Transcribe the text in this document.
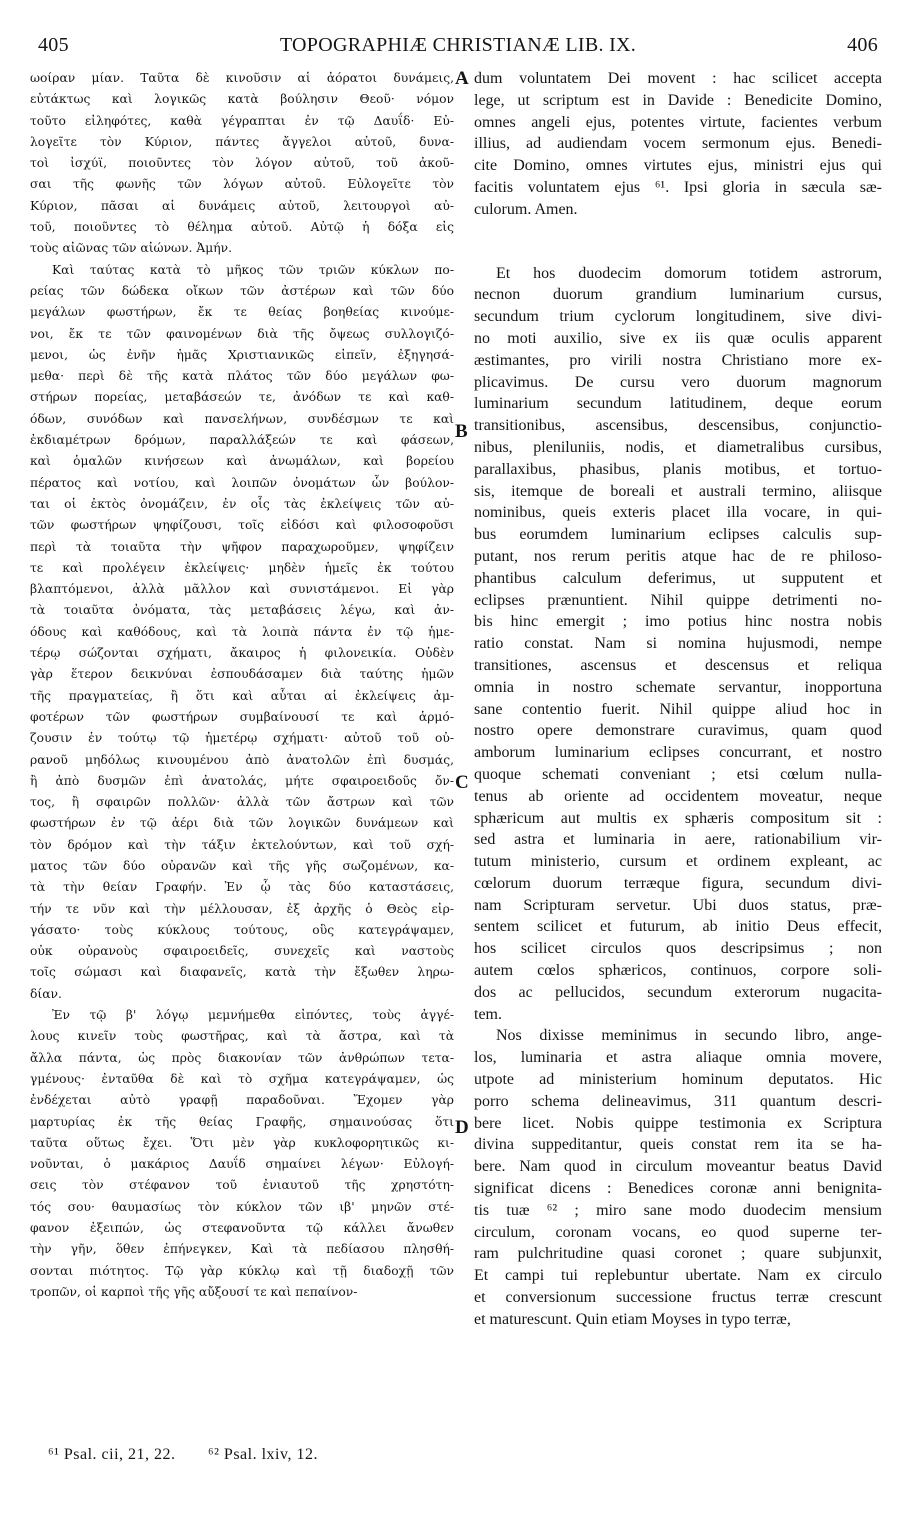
405	TOPOGRAPHIÆ CHRISTIANÆ LIB. IX.	406
ωοίραν μίαν. Ταῦτα δὲ κινοῦσιν αἱ ἀόρατοι δυνάμεις,
εὐτάκτως καὶ λογικῶς κατὰ βούλησιν Θεοῦ· νόμον
τοῦτο εἰληφότες, καθὰ γέγραπται ἐν τῷ Δαυΐδ· Εὐ-
λογεῖτε τὸν Κύριον, πάντες ἄγγελοι αὐτοῦ, δυνα-
τοὶ ἰσχύϊ, ποιοῦντες τὸν λόγον αὐτοῦ, τοῦ ἀκοῦ-
σαι τῆς φωνῆς τῶν λόγων αὐτοῦ. Εὐλογεῖτε τὸν
Κύριον, πᾶσαι αἱ δυνάμεις αὐτοῦ, λειτουργοὶ αὐ-
τοῦ, ποιοῦντες τὸ θέλημα αὐτοῦ. Αὐτῷ ἡ δόξα εἰς
τοὺς αἰῶνας τῶν αἰώνων. Ἀμήν.
Καὶ ταύτας κατὰ τὸ μῆκος τῶν τριῶν κύκλων πο-
ρείας τῶν δώδεκα οἴκων τῶν ἀστέρων καὶ τῶν δύο
μεγάλων φωστήρων, ἔκ τε θείας βοηθείας κινούμε-
νοι, ἔκ τε τῶν φαινομένων διὰ τῆς ὄψεως συλλογιζό-
μενοι, ὡς ἐνῆν ἡμᾶς Χριστιανικῶς εἰπεῖν, ἐξηγησά-
μεθα· περὶ δὲ τῆς κατὰ πλάτος τῶν δύο μεγάλων φω-
στήρων πορείας, μεταβάσεών τε, ἀνόδων τε καὶ καθ-
όδων, συνόδων καὶ πανσελήνων, συνδέσμων τε καὶ
ἐκδιαμέτρων δρόμων, παραλλάξεών τε καὶ φάσεων,
καὶ ὁμαλῶν κινήσεων καὶ ἀνωμάλων, καὶ βορείου
πέρατος καὶ νοτίου, καὶ λοιπῶν ὀνομάτων ὧν βούλον-
ται οἱ ἐκτὸς ὀνομάζειν, ἐν οἷς τὰς ἐκλείψεις τῶν αὐ-
τῶν φωστήρων ψηφίζουσι, τοῖς εἰδόσι καὶ φιλοσοφοῦσι
περὶ τὰ τοιαῦτα τὴν ψῆφον παραχωροῦμεν, ψηφίζειν
τε καὶ προλέγειν ἐκλείψεις· μηδὲν ἡμεῖς ἐκ τούτου
βλαπτόμενοι, ἀλλὰ μᾶλλον καὶ συνιστάμενοι. Εἰ γὰρ
τὰ τοιαῦτα ὀνόματα, τὰς μεταβάσεις λέγω, καὶ ἀν-
όδους καὶ καθόδους, καὶ τὰ λοιπὰ πάντα ἐν τῷ ἡμε-
τέρῳ σώζονται σχήματι, ἄκαιρος ἡ φιλονεικία. Οὐδὲν
γὰρ ἕτερον δεικνύναι ἐσπουδάσαμεν διὰ ταύτης ἡμῶν
τῆς πραγματείας, ἢ ὅτι καὶ αὗται αἱ ἐκλείψεις ἀμ-
φοτέρων τῶν φωστήρων συμβαίνουσί τε καὶ ἁρμό-
ζουσιν ἐν τούτῳ τῷ ἡμετέρῳ σχήματι· αὐτοῦ τοῦ οὐ-
ρανοῦ μηδόλως κινουμένου ἀπὸ ἀνατολῶν ἐπὶ δυσμάς,
ἢ ἀπὸ δυσμῶν ἐπὶ ἀνατολάς, μήτε σφαιροειδοῦς ὄν-
τος, ἢ σφαιρῶν πολλῶν· ἀλλὰ τῶν ἄστρων καὶ τῶν
φωστήρων ἐν τῷ ἀέρι διὰ τῶν λογικῶν δυνάμεων καὶ
τὸν δρόμον καὶ τὴν τάξιν ἐκτελούντων, καὶ τοῦ σχή-
ματος τῶν δύο οὐρανῶν καὶ τῆς γῆς σωζομένων, κα-
τὰ τὴν θείαν Γραφήν. Ἐν ᾧ τὰς δύο καταστάσεις,
τήν τε νῦν καὶ τὴν μέλλουσαν, ἐξ ἀρχῆς ὁ Θεὸς εἰρ-
γάσατο· τοὺς κύκλους τούτους, οὓς κατεγράψαμεν,
οὐκ οὐρανοὺς σφαιροειδεῖς, συνεχεῖς καὶ ναστοὺς
τοῖς σώμασι καὶ διαφανεῖς, κατὰ τὴν ἔξωθεν ληρω-
δίαν.
Ἐν τῷ β' λόγῳ μεμνήμεθα εἰπόντες, τοὺς ἀγγέ-
λους κινεῖν τοὺς φωστῆρας, καὶ τὰ ἄστρα, καὶ τὰ
ἄλλα πάντα, ὡς πρὸς διακονίαν τῶν ἀνθρώπων τετα-
γμένους· ἐνταῦθα δὲ καὶ τὸ σχῆμα κατεγράψαμεν, ὡς
ἐνδέχεται αὐτὸ γραφῇ παραδοῦναι. Ἔχομεν γὰρ
μαρτυρίας ἐκ τῆς θείας Γραφῆς, σημαινούσας ὅτι
ταῦτα οὕτως ἔχει. Ὅτι μὲν γὰρ κυκλοφορητικῶς κι-
νοῦνται, ὁ μακάριος Δαυΐδ σημαίνει λέγων· Εὐλογή-
σεις τὸν στέφανον τοῦ ἐνιαυτοῦ τῆς χρηστότη-
τός σου· θαυμασίως τὸν κύκλον τῶν ιβ' μηνῶν στέ-
φανον ἐξειπών, ὡς στεφανοῦντα τῷ κάλλει ἄνωθεν
τὴν γῆν, ὅθεν ἐπήνεγκεν, Καὶ τὰ πεδίασου πλησθή-
σονται πιότητος. Τῷ γὰρ κύκλῳ καὶ τῇ διαδοχῇ τῶν
τροπῶν, οἱ καρποὶ τῆς γῆς αὔξουσί τε καὶ πεπαίνον-
dum voluntatem Dei movent : hac scilicet accepta
lege, ut scriptum est in Davide : Benedicite Domino,
omnes angeli ejus, potentes virtute, facientes verbum
illius, ad audiendam vocem sermonum ejus. Benedi-
cite Domino, omnes virtutes ejus, ministri ejus qui
facitis voluntatem ejus ⁶¹. Ipsi gloria in sæcula sæ-
culorum. Amen.
Et hos duodecim domorum totidem astrorum,
necnon duorum grandium luminarium cursus,
secundum trium cyclorum longitudinem, sive divi-
no moti auxilio, sive ex iis quæ oculis apparent
æstimantes, pro virili nostra Christiano more ex-
plicavimus. De cursu vero duorum magnorum
luminarium secundum latitudinem, deque eorum
transitionibus, ascensibus, descensibus, conjunctio-
nibus, pleniluniis, nodis, et diametralibus cursibus,
parallaxibus, phasibus, planis motibus, et tortuo-
sis, itemque de boreali et australi termino, aliisque
nominibus, queis exteris placet illa vocare, in qui-
bus eorumdem luminarium eclipses calculis sup-
putant, nos rerum peritis atque hac de re philoso-
phantibus calculum deferimus, ut supputent et
eclipses prænuntient. Nihil quippe detrimenti no-
bis hinc emergit ; imo potius hinc nostra nobis
ratio constat. Nam si nomina hujusmodi, nempe
transitiones, ascensus et descensus et reliqua
omnia in nostro schemate servantur, inopportuna
sane contentio fuerit. Nihil quippe aliud hoc in
nostro opere demonstrare curavimus, quam quod
amborum luminarium eclipses concurrant, et nostro
quoque schemati conveniant ; etsi cœlum nulla-
tenus ab oriente ad occidentem moveatur, neque
sphæricum aut multis ex sphæris compositum sit :
sed astra et luminaria in aere, rationabilium vir-
tutum ministerio, cursum et ordinem expleant, ac
cœlorum duorum terræque figura, secundum divi-
nam Scripturam servetur. Ubi duos status, præ-
sentem scilicet et futurum, ab initio Deus effecit,
hos scilicet circulos quos descripsimus ; non
autem cœlos sphæricos, continuos, corpore soli-
dos ac pellucidos, secundum exterorum nugacita-
tem.
Nos dixisse meminimus in secundo libro, ange-
los, luminaria et astra aliaque omnia movere,
utpote ad ministerium hominum deputatos. Hic
porro schema delineavimus, 311 quantum descri-
bere licet. Nobis quippe testimonia ex Scriptura
divina suppeditantur, queis constat rem ita se ha-
bere. Nam quod in circulum moveantur beatus David
significat dicens : Benedices coronæ anni benignita-
tis tuæ ⁶² ; miro sane modo duodecim mensium
circulum, coronam vocans, eo quod superne ter-
ram pulchritudine quasi coronet ; quare subjunxit,
Et campi tui replebuntur ubertate. Nam ex circulo
et conversionum successione fructus terræ crescunt
et maturescunt. Quin etiam Moyses in typo terræ,
A
B
C
D
⁶¹ Psal. cii, 21, 22. ⁶² Psal. lxiv, 12.
